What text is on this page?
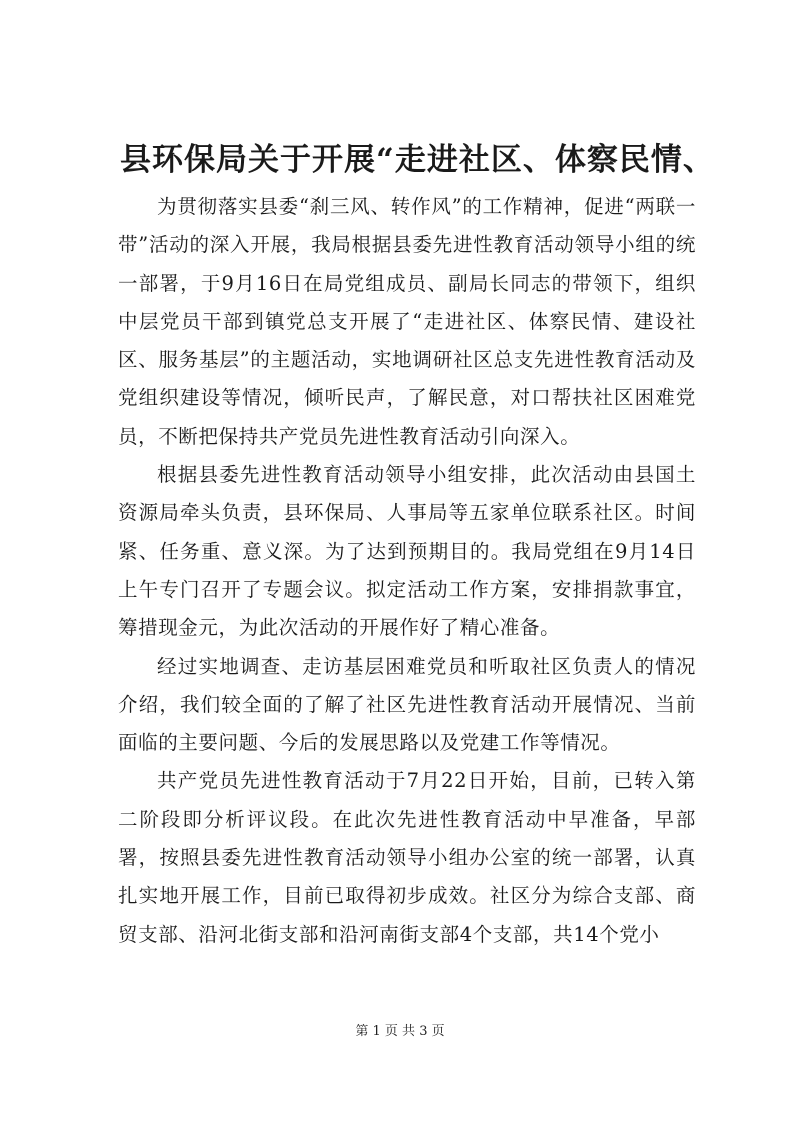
县环保局关于开展“走进社区、体察民情、

为贯彻落实县委“刹三风、转作风”的工作精神，促进“两联一带”活动的深入开展，我局根据县委先进性教育活动领导小组的统一部署，于9月16日在局党组成员、副局长同志的带领下，组织中层党员干部到镇党总支开展了“走进社区、体察民情、建设社区、服务基层”的主题活动，实地调研社区总支先进性教育活动及党组织建设等情况，倾听民声，了解民意，对口帮扶社区困难党员，不断把保持共产党员先进性教育活动引向深入。

根据县委先进性教育活动领导小组安排，此次活动由县国土资源局牵头负责，县环保局、人事局等五家单位联系社区。时间紧、任务重、意义深。为了达到预期目的。我局党组在9月14日上午专门召开了专题会议。拟定活动工作方案，安排捐款事宜，筹措现金元，为此次活动的开展作好了精心准备。

经过实地调查、走访基层困难党员和听取社区负责人的情况介绍，我们较全面的了解了社区先进性教育活动开展情况、当前面临的主要问题、今后的发展思路以及党建工作等情况。

共产党员先进性教育活动于7月22日开始，目前，已转入第二阶段即分析评议段。在此次先进性教育活动中早准备，早部署，按照县委先进性教育活动领导小组办公室的统一部署，认真扎实地开展工作，目前已取得初步成效。社区分为综合支部、商贸支部、沿河北街支部和沿河南街支部4个支部，共14个党小

第 1 页 共 3 页
